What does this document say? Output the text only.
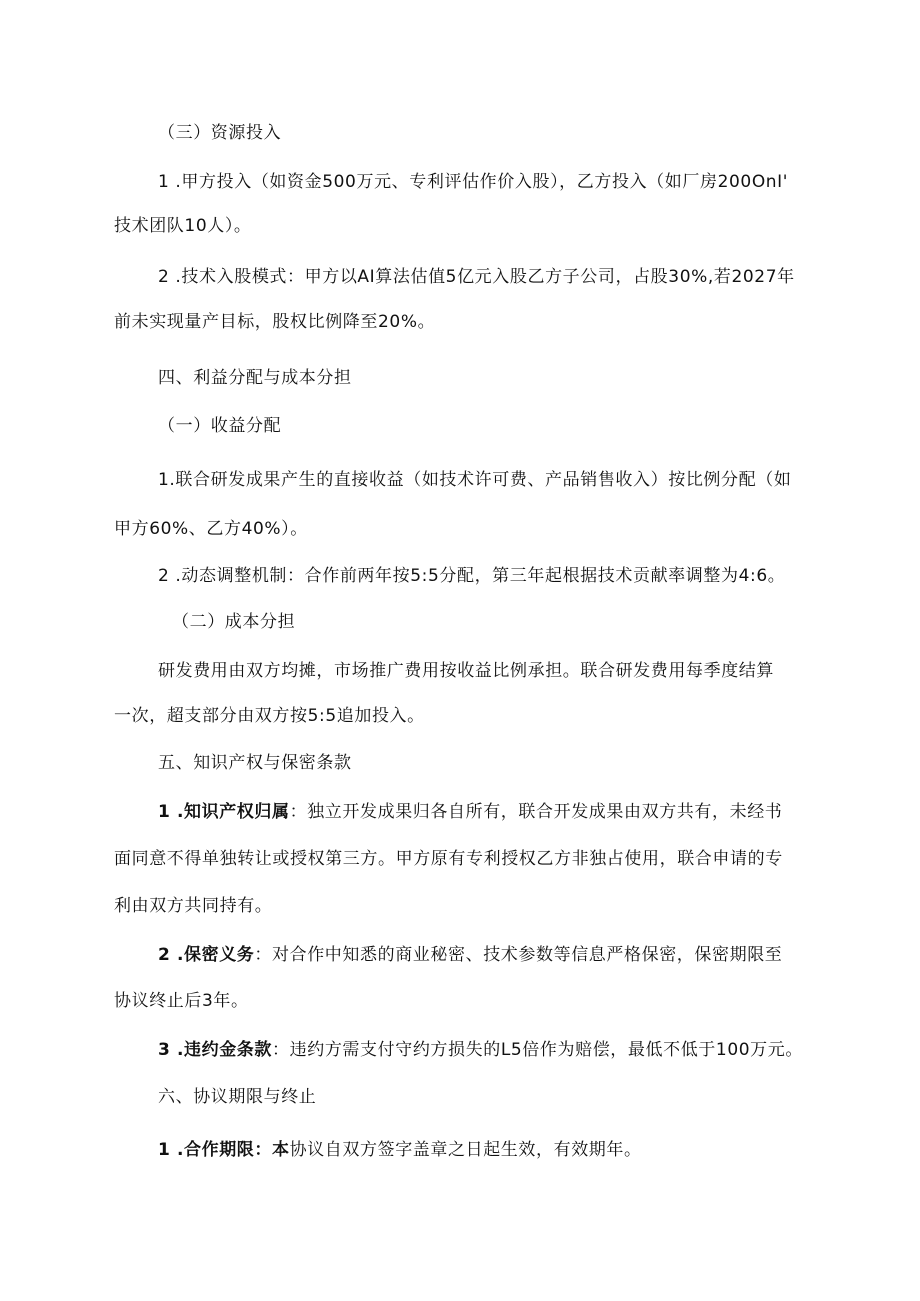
（三）资源投入
1 .甲方投入（如资金500万元、专利评估作价入股），乙方投入（如厂房200OnI'
技术团队10人）。
2 .技术入股模式：甲方以AI算法估值5亿元入股乙方子公司，占股30%,若2027年
前未实现量产目标，股权比例降至20%。
四、利益分配与成本分担
（一）收益分配
1.联合研发成果产生的直接收益（如技术许可费、产品销售收入）按比例分配（如
甲方60%、乙方40%）。
2 .动态调整机制：合作前两年按5:5分配，第三年起根据技术贡献率调整为4:6。
（二）成本分担
研发费用由双方均摊，市场推广费用按收益比例承担。联合研发费用每季度结算
一次，超支部分由双方按5:5追加投入。
五、知识产权与保密条款
1 .知识产权归属：独立开发成果归各自所有，联合开发成果由双方共有，未经书
面同意不得单独转让或授权第三方。甲方原有专利授权乙方非独占使用，联合申请的专
利由双方共同持有。
2 .保密义务：对合作中知悉的商业秘密、技术参数等信息严格保密，保密期限至
协议终止后3年。
3 .违约金条款：违约方需支付守约方损失的L5倍作为赔偿，最低不低于100万元。
六、协议期限与终止
1 .合作期限：本协议自双方签字盖章之日起生效，有效期年。
